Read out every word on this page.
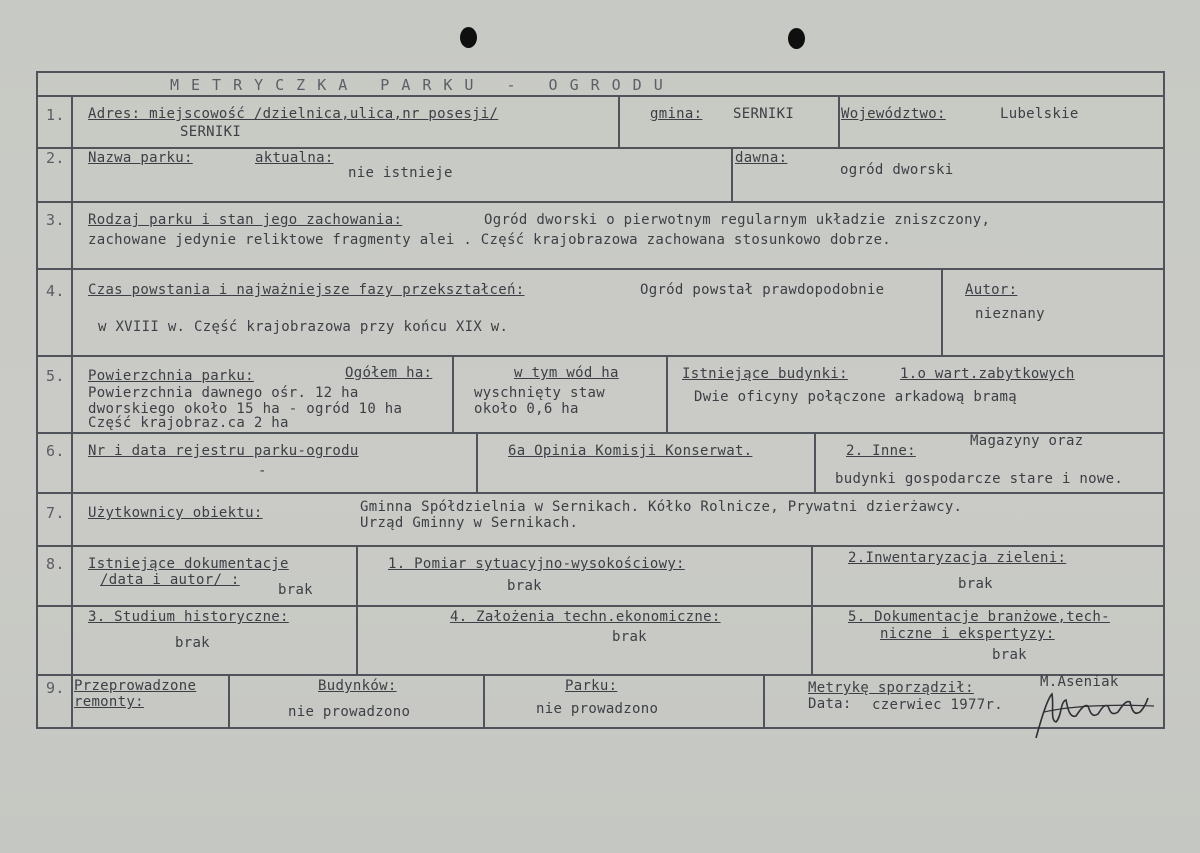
METRYCZKA PARKU - OGRODU
1. Adres: miejscowość /dzielnica,ulica,nr posesji/
SERNIKI
gmina: SERNIKI	Województwo:	Lubelskie
2. Nazwa parku:	aktualna:
nie istnieje
dawna:
ogród dworski
3. Rodzaj parku i stan jego zachowania:	Ogród dworski o pierwotnym regularnym układzie zniszczony,
zachowane jedynie reliktowe fragmenty alei . Część krajobrazowa zachowana stosunkowo dobrze.
4. Czas powstania i najważniejsze fazy przekształceń:	Ogród powstał prawdopodobnie
w XVIII w. Część krajobrazowa przy końcu XIX w.
Autor:
nieznany
5. Powierzchnia parku:	Ogółem ha:
Powierzchnia dawnego ośr. 12 ha
dworskiego około 15 ha - ogród 10 ha
Część krajobraz.ca 2 ha
w tym wód ha
wyschnięty staw
około 0,6 ha
Istniejące budynki:	1.o wart.zabytkowych
Dwie oficyny połączone arkadową bramą
6. Nr i data rejestru parku-ogrodu
-
6a Opinia Komisji Konserwat.	2. Inne:
Magazyny oraz
budynki gospodarcze stare i nowe.
7. Użytkownicy obiektu:	Gminna Spółdzielnia w Sernikach. Kółko Rolnicze, Prywatni dzierżawcy.
Urząd Gminny w Sernikach.
8. Istniejące dokumentacje
/data i autor/ :
brak
1. Pomiar sytuacyjno-wysokościowy:
brak
2.Inwentaryzacja zieleni:
brak
3. Studium historyczne:
brak
4. Założenia techn.ekonomiczne:
brak
5. Dokumentacje branżowe,tech-
niczne i ekspertyzy:
brak
9. Przeprowadzone
remonty:
Budynków:
nie prowadzono
Parku:
nie prowadzono
Metrykę sporządził:	M.Aseniak
Data: czerwiec 1977r.
